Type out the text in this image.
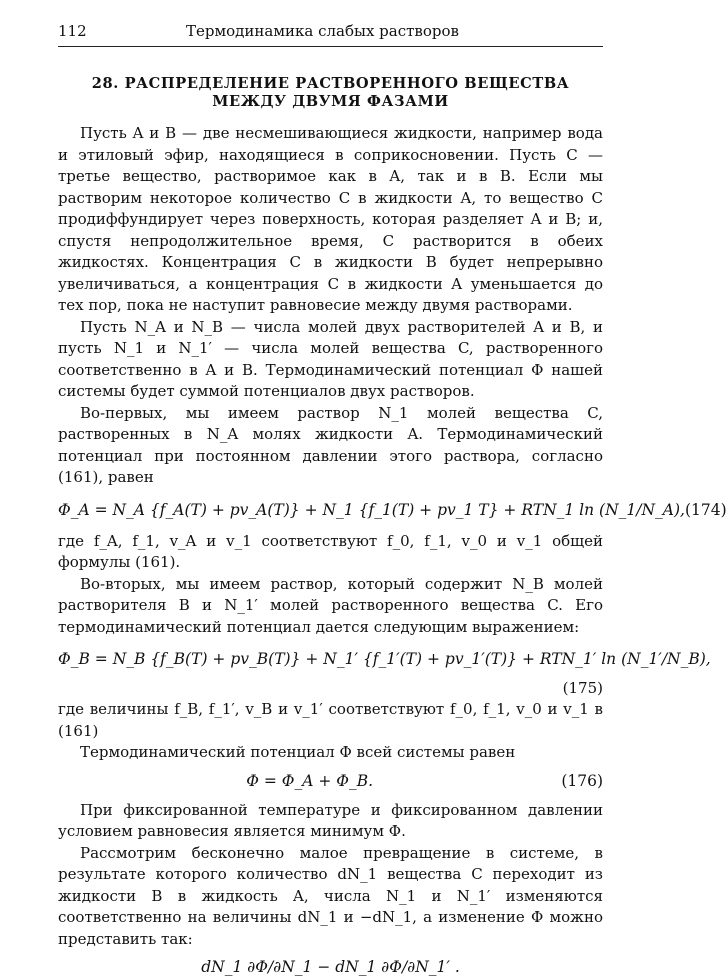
112	Термодинамика слабых растворов
28. РАСПРЕДЕЛЕНИЕ РАСТВОРЕННОГО ВЕЩЕСТВА
МЕЖДУ ДВУМЯ ФАЗАМИ

Пусть A и B — две несмешивающиеся жидкости, например вода и этиловый эфир, находящиеся в соприкосновении. Пусть C — третье вещество, растворимое как в A, так и в B. Если мы растворим некоторое количество C в жидкости A, то вещество C продиффундирует через поверхность, которая разделяет A и B; и, спустя непродолжительное время, C растворится в обеих жидкостях. Концентрация C в жидкости B будет непрерывно увеличиваться, а концентрация C в жидкости A уменьшается до тех пор, пока не наступит равновесие между двумя растворами.

Пусть N_A и N_B — числа молей двух растворителей A и B, и пусть N_1 и N_1′ — числа молей вещества C, растворенного соответственно в A и B. Термодинамический потенциал Φ нашей системы будет суммой потенциалов двух растворов.

Во-первых, мы имеем раствор N_1 молей вещества C, растворенных в N_A молях жидкости A. Термодинамический потенциал при постоянном давлении этого раствора, согласно (161), равен

Φ_A = N_A {f_A(T) + pv_A(T)} + N_1 {f_1(T) + pv_1 T} + RTN_1 ln (N_1/N_A), (174)

где f_A, f_1, v_A и v_1 соответствуют f_0, f_1, v_0 и v_1 общей формулы (161).

Во-вторых, мы имеем раствор, который содержит N_B молей растворителя B и N_1′ молей растворенного вещества C. Его термодинамический потенциал дается следующим выражением:

Φ_B = N_B {f_B(T) + pv_B(T)} + N_1′ {f_1′(T) + pv_1′(T)} + RTN_1′ ln (N_1′/N_B),
(175)

где величины f_B, f_1′, v_B и v_1′ соответствуют f_0, f_1, v_0 и v_1 в (161)

Термодинамический потенциал Φ всей системы равен

Φ = Φ_A + Φ_B.	(176)

При фиксированной температуре и фиксированном давлении условием равновесия является минимум Φ.

Рассмотрим бесконечно малое превращение в системе, в результате которого количество dN_1 вещества C переходит из жидкости B в жидкость A, числа N_1 и N_1′ изменяются соответственно на величины dN_1 и −dN_1, а изменение Φ можно представить так:

dN_1 ∂Φ/∂N_1 − dN_1 ∂Φ/∂N_1′ .
